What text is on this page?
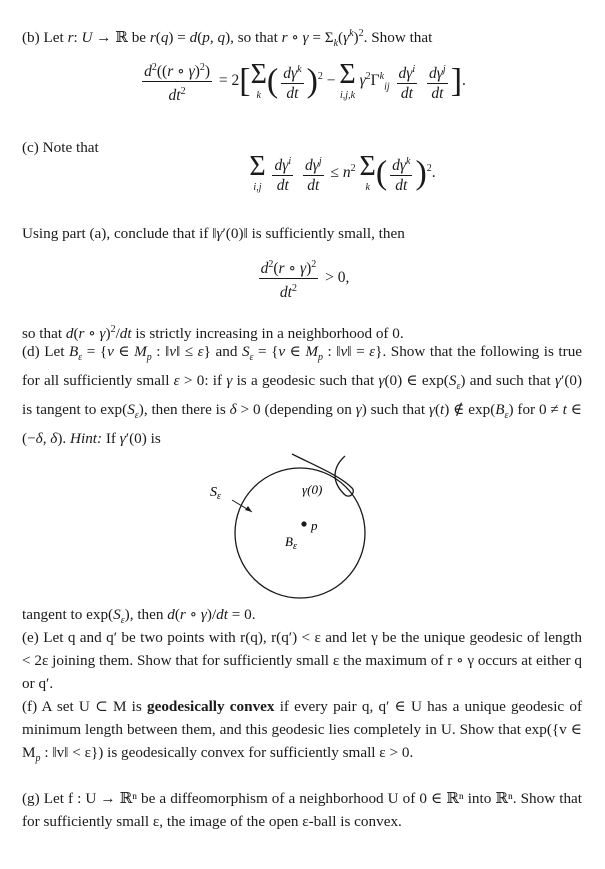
(b) Let r: U → ℝ be r(q) = d(p, q), so that r ∘ $\gamma = \Sigma_k(\gamma^k)^2$. Show that

$\frac{d^2((r \circ \gamma)^2)}{dt^2} = 2$[ Σ
k ( $\frac{d\gamma^k}{dt} )^2 - \Sigma$
i,j,k
$\gamma^2\Gamma^k_{ij} \frac{d\gamma^i}{dt}$
$\frac{d\gamma^j}{dt}$ ].

(c) Note that

Σ
i,j
$\frac{d\gamma^i}{dt}$
$\frac{d\gamma^j}{dt} \le n^2$ Σ
k ( $\frac{d\gamma^k}{dt} )^2$.

Using part (a), conclude that if ‖γ′(0)‖ is sufficiently small, then

$\frac{d^2(r \circ \gamma)^2}{dt^2} > 0$,

so that d(r ∘ γ)$^2$/dt is strictly increasing in a neighborhood of 0.

(d) Let $B_\varepsilon = \{v$ ∈ $M_p$ : ‖v‖ ≤ ε} and $S_\varepsilon = \{v$ ∈ $M_p$ : ‖v‖ = ε}. Show that the following is true for all sufficiently small ε > 0: if γ is a geodesic such that γ(0) ∈ $\exp(S_\varepsilon)$ and such that γ′(0) is tangent to $\exp(S_\varepsilon)$, then there is δ > 0 (depending on γ) such that γ(t) ∉ $\exp(B_\varepsilon)$ for 0 ≠ t ∈ (−δ, δ). Hint: If γ′(0) is

$S_\varepsilon$	γ(0)
p
$B_\varepsilon$

tangent to $\exp(S_\varepsilon)$, then d(r ∘ γ)/dt = 0.

(e) Let q and q′ be two points with r(q), r(q′) < ε and let γ be the unique geodesic of length < 2ε joining them. Show that for sufficiently small ε the maximum of r ∘ γ occurs at either q or q′.

(f) A set U ⊂ M is geodesically convex if every pair q, q′ ∈ U has a unique geodesic of minimum length between them, and this geodesic lies completely in U. Show that exp({v ∈ $M_p$ : ‖v‖ < ε}) is geodesically convex for sufficiently small ε > 0.

(g) Let f : U → ℝⁿ be a diffeomorphism of a neighborhood U of 0 ∈ ℝⁿ into ℝⁿ. Show that for sufficiently small ε, the image of the open ε-ball is convex.
